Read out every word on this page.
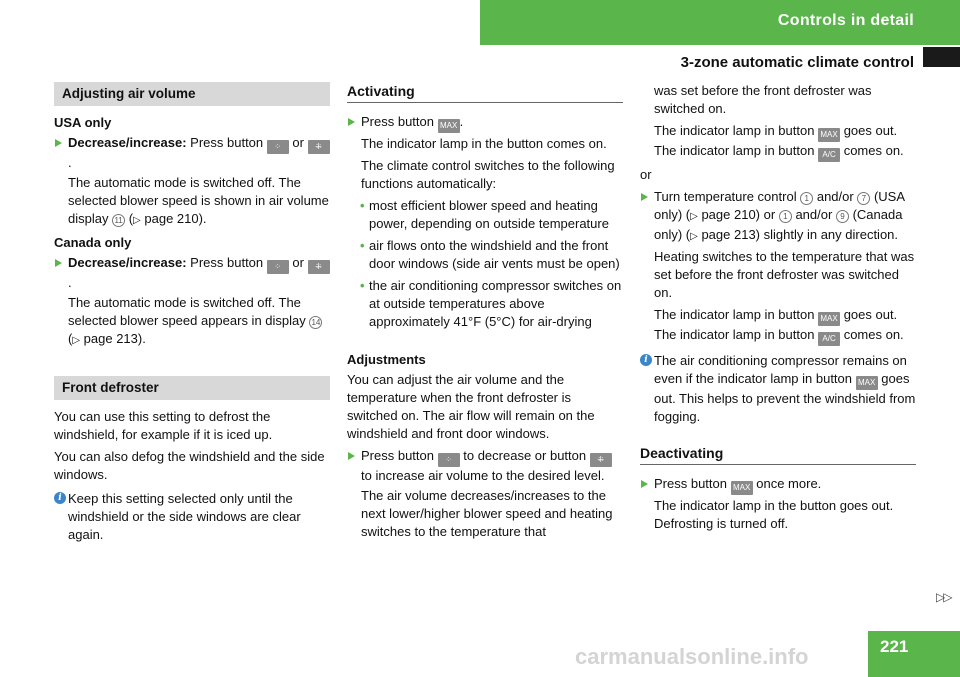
Controls in detail
3-zone automatic climate control
Adjusting air volume
USA only
Decrease/increase: Press button ⁘ or ⁜.
The automatic mode is switched off. The selected blower speed is shown in air volume display 11 (▷ page 210).
Canada only
Decrease/increase: Press button ⁘ or ⁜.
The automatic mode is switched off. The selected blower speed appears in display 14 (▷ page 213).
Front defroster

You can use this setting to defrost the windshield, for example if it is iced up.

You can also defog the windshield and the side windows.

i Keep this setting selected only until the windshield or the side windows are clear again.
Activating
Press button MAX .
The indicator lamp in the button comes on.
The climate control switches to the following functions automatically:
• most efficient blower speed and heating power, depending on outside temperature
• air flows onto the windshield and the front door windows (side air vents must be open)
• the air conditioning compressor switches on at outside temperatures above approximately 41°F (5°C) for air-drying
Adjustments

You can adjust the air volume and the temperature when the front defroster is switched on. The air flow will remain on the windshield and front door windows.

Press button ⁘ to decrease or button ⁜ to increase air volume to the desired level.
The air volume decreases/increases to the next lower/higher blower speed and heating switches to the temperature that
was set before the front defroster was switched on.
The indicator lamp in button MAX goes out. The indicator lamp in button A/C comes on.

or

Turn temperature control 1 and/or 7 (USA only) (▷ page 210) or 1 and/or 9 (Canada only) (▷ page 213) slightly in any direction.
Heating switches to the temperature that was set before the front defroster was switched on.
The indicator lamp in button MAX goes out. The indicator lamp in button A/C comes on.
i The air conditioning compressor remains on even if the indicator lamp in button MAX goes out. This helps to prevent the windshield from fogging.
Deactivating
Press button MAX once more.
The indicator lamp in the button goes out. Defrosting is turned off.
▷▷
221
carmanualsonline.info
